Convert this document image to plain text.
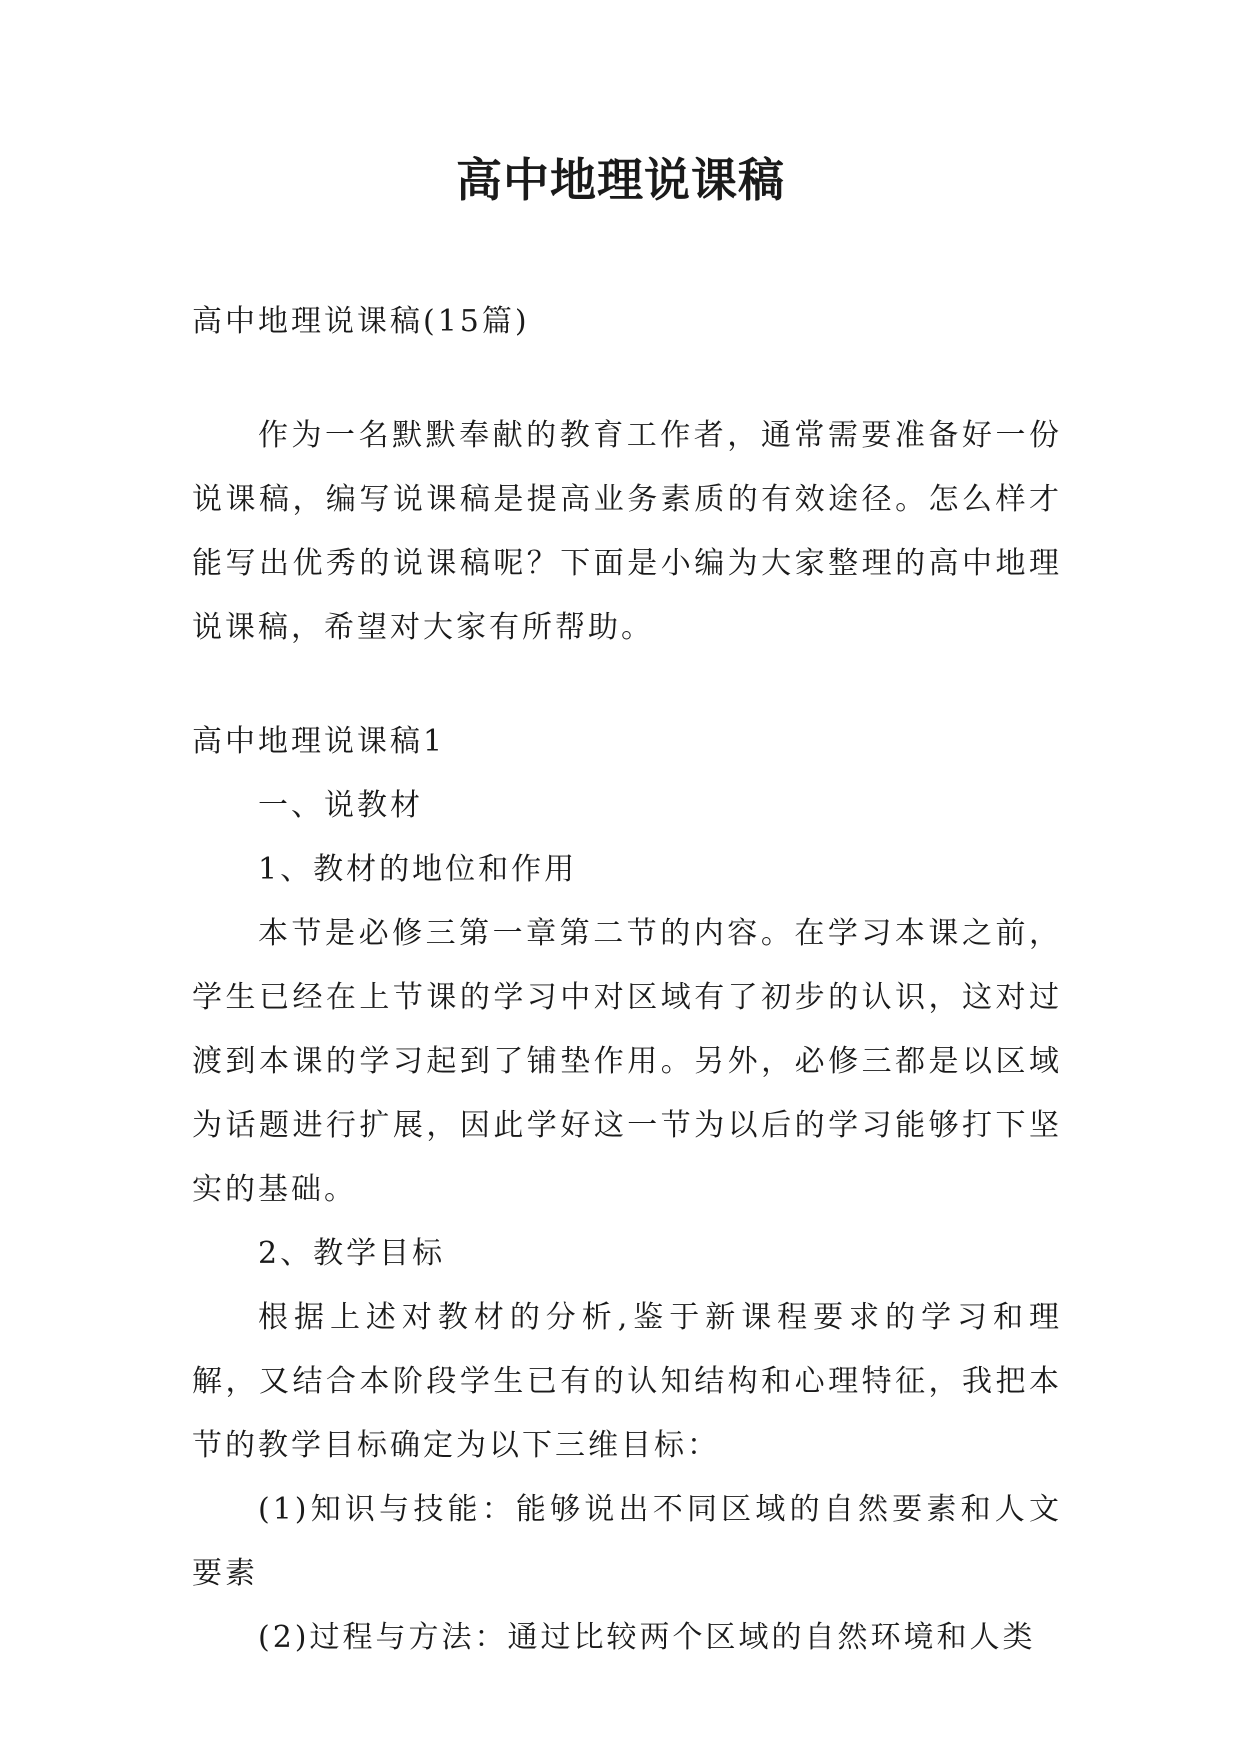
高中地理说课稿

高中地理说课稿(15篇)

作为一名默默奉献的教育工作者，通常需要准备好一份说课稿，编写说课稿是提高业务素质的有效途径。怎么样才能写出优秀的说课稿呢？下面是小编为大家整理的高中地理说课稿，希望对大家有所帮助。

高中地理说课稿1

一、说教材

1、教材的地位和作用

本节是必修三第一章第二节的内容。在学习本课之前，学生已经在上节课的学习中对区域有了初步的认识，这对过渡到本课的学习起到了铺垫作用。另外，必修三都是以区域为话题进行扩展，因此学好这一节为以后的学习能够打下坚实的基础。

2、教学目标

根据上述对教材的分析,鉴于新课程要求的学习和理解，又结合本阶段学生已有的认知结构和心理特征，我把本节的教学目标确定为以下三维目标：

(1)知识与技能：能够说出不同区域的自然要素和人文要素

(2)过程与方法：通过比较两个区域的自然环境和人类
